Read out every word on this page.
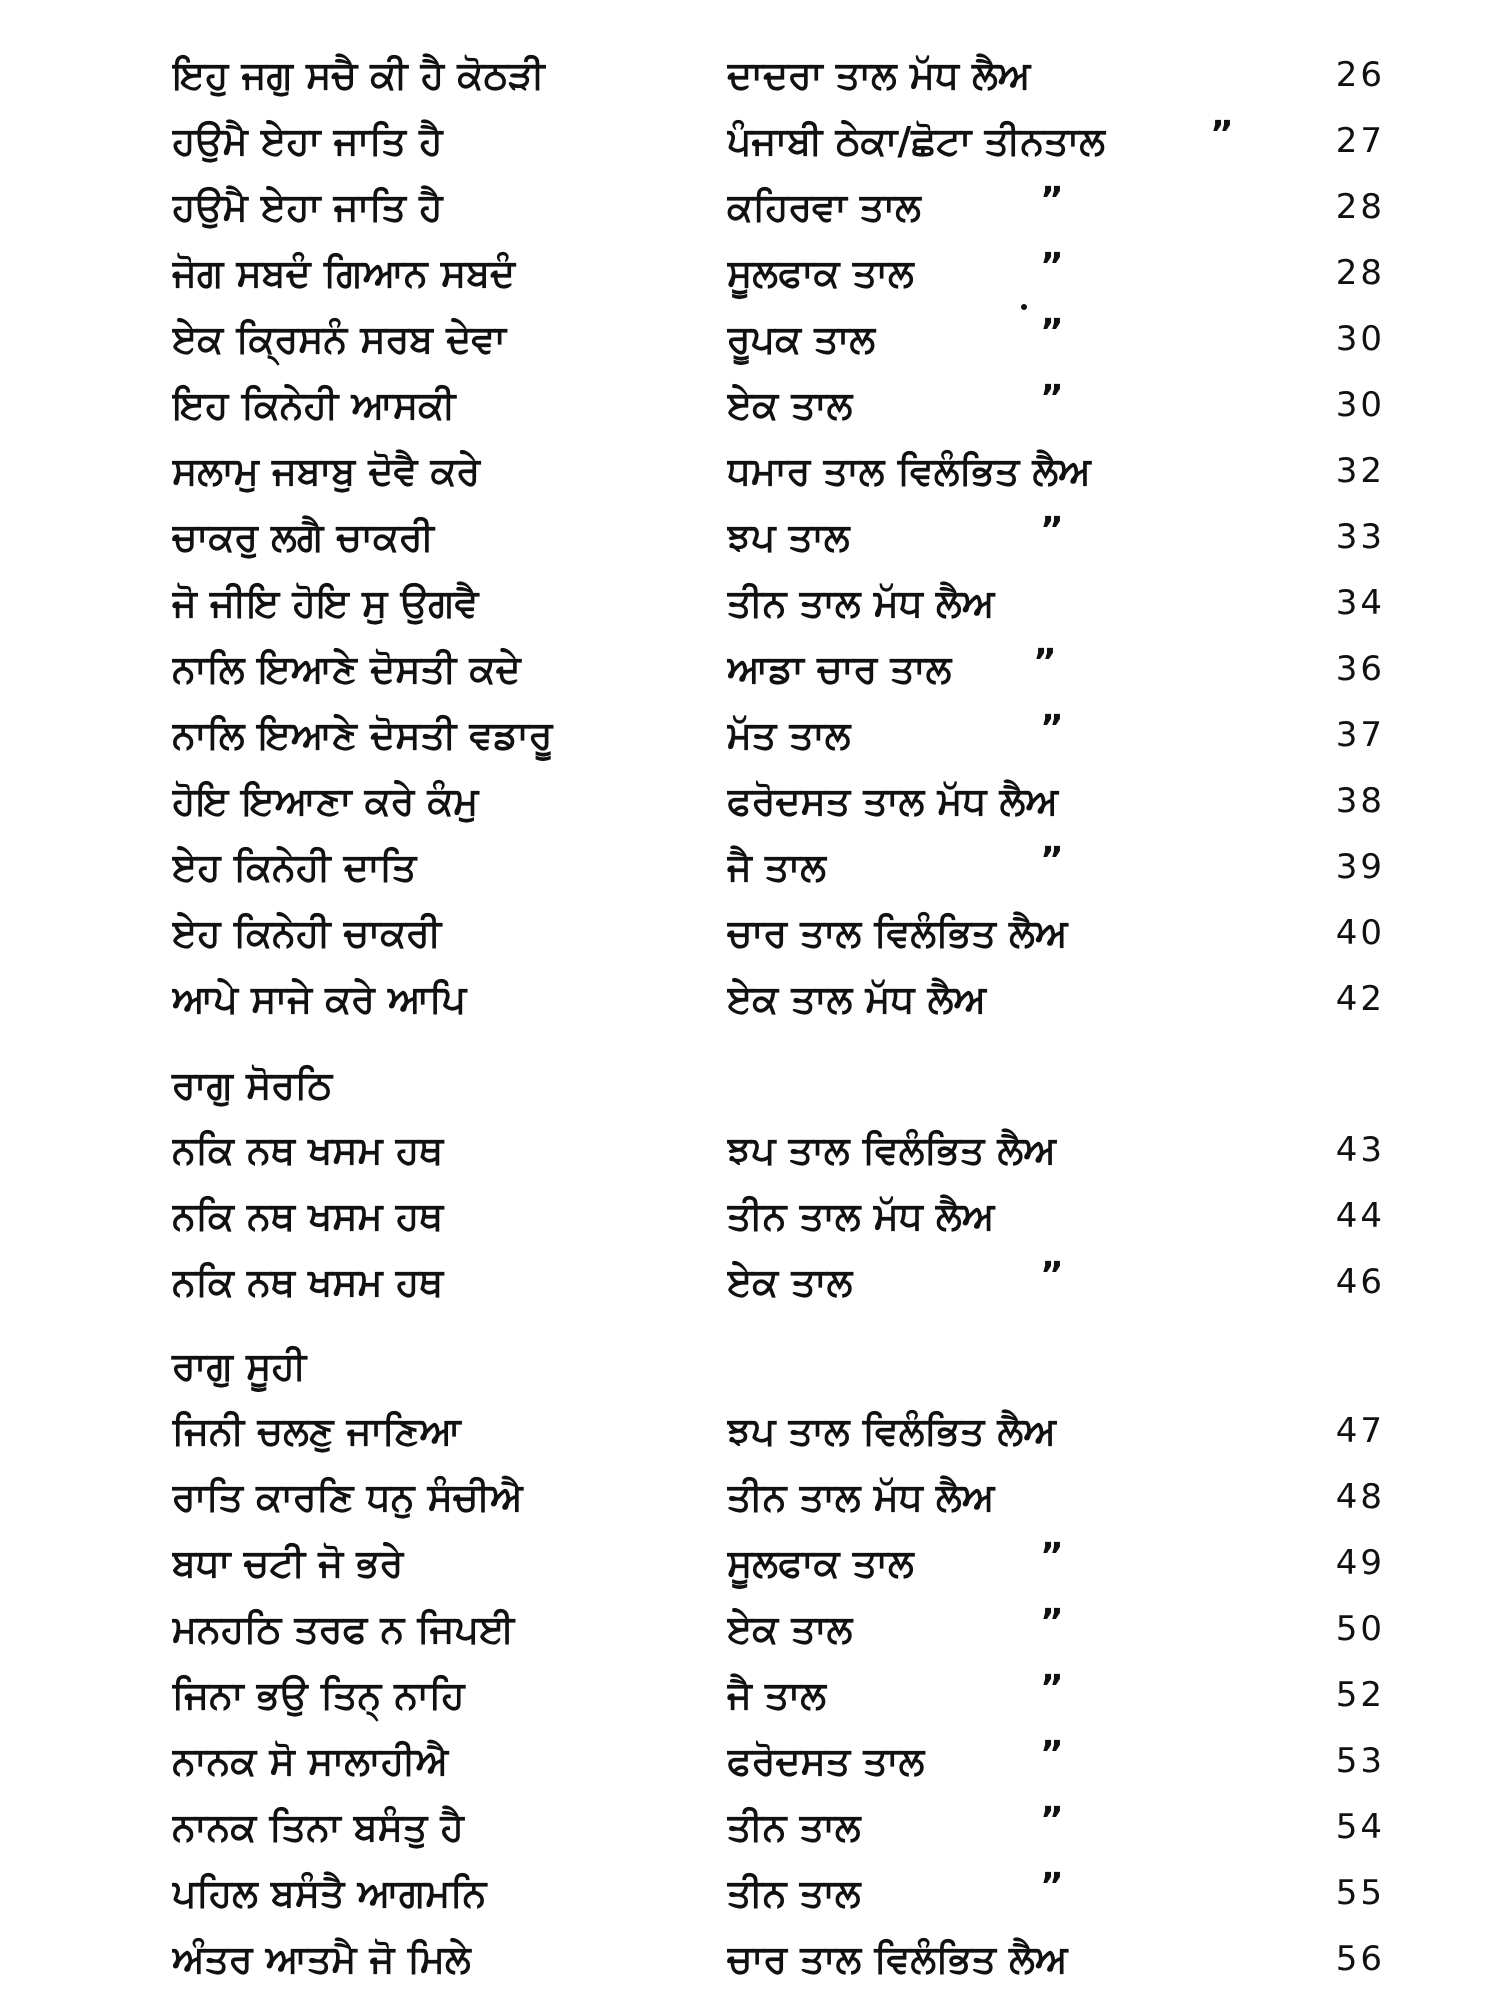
ਇਹੁ ਜਗੁ ਸਚੈ ਕੀ ਹੈ ਕੋਠੜੀ	ਦਾਦਰਾ ਤਾਲ ਮੱਧ ਲੈਅ	26
ਹਉਮੈ ਏਹਾ ਜਾਤਿ ਹੈ	ਪੰਜਾਬੀ ਠੇਕਾ/ਛੋਟਾ ਤੀਨਤਾਲ	”	27
ਹਉਮੈ ਏਹਾ ਜਾਤਿ ਹੈ	ਕਹਿਰਵਾ ਤਾਲ	”	28
ਜੋਗ ਸਬਦੰ ਗਿਆਨ ਸਬਦੰ	ਸੂਲਫਾਕ ਤਾਲ	”	28
ਏਕ ਕ੍ਰਿਸਨੰ ਸਰਬ ਦੇਵਾ	ਰੂਪਕ ਤਾਲ	”	30
ਇਹ ਕਿਨੇਹੀ ਆਸਕੀ	ਏਕ ਤਾਲ	”	30
ਸਲਾਮੁ ਜਬਾਬੁ ਦੋਵੈ ਕਰੇ	ਧਮਾਰ ਤਾਲ ਵਿਲੰਭਿਤ ਲੈਅ	32
ਚਾਕਰੁ ਲਗੈ ਚਾਕਰੀ	ਝਪ ਤਾਲ	”	33
ਜੋ ਜੀਇ ਹੋਇ ਸੁ ਉਗਵੈ	ਤੀਨ ਤਾਲ ਮੱਧ ਲੈਅ	34
ਨਾਲਿ ਇਆਣੇ ਦੋਸਤੀ ਕਦੇ	ਆਡਾ ਚਾਰ ਤਾਲ	”	36
ਨਾਲਿ ਇਆਣੇ ਦੋਸਤੀ ਵਡਾਰੂ	ਮੱਤ ਤਾਲ	”	37
ਹੋਇ ਇਆਣਾ ਕਰੇ ਕੰਮੁ	ਫਰੋਦਸਤ ਤਾਲ ਮੱਧ ਲੈਅ	38
ਏਹ ਕਿਨੇਹੀ ਦਾਤਿ	ਜੈ ਤਾਲ	”	39
ਏਹ ਕਿਨੇਹੀ ਚਾਕਰੀ	ਚਾਰ ਤਾਲ ਵਿਲੰਭਿਤ ਲੈਅ	40
ਆਪੇ ਸਾਜੇ ਕਰੇ ਆਪਿ	ਏਕ ਤਾਲ ਮੱਧ ਲੈਅ	42
ਰਾਗੁ ਸੋਰਠਿ
ਨਕਿ ਨਥ ਖਸਮ ਹਥ	ਝਪ ਤਾਲ ਵਿਲੰਭਿਤ ਲੈਅ	43
ਨਕਿ ਨਥ ਖਸਮ ਹਥ	ਤੀਨ ਤਾਲ ਮੱਧ ਲੈਅ	44
ਨਕਿ ਨਥ ਖਸਮ ਹਥ	ਏਕ ਤਾਲ	”	46
ਰਾਗੁ ਸੂਹੀ
ਜਿਨੀ ਚਲਣੁ ਜਾਣਿਆ	ਝਪ ਤਾਲ ਵਿਲੰਭਿਤ ਲੈਅ	47
ਰਾਤਿ ਕਾਰਣਿ ਧਨੁ ਸੰਚੀਐ	ਤੀਨ ਤਾਲ ਮੱਧ ਲੈਅ	48
ਬਧਾ ਚਟੀ ਜੋ ਭਰੇ	ਸੂਲਫਾਕ ਤਾਲ	”	49
ਮਨਹਠਿ ਤਰਫ ਨ ਜਿਪਈ	ਏਕ ਤਾਲ	”	50
ਜਿਨਾ ਭਉ ਤਿਨ੍ ਨਾਹਿ	ਜੈ ਤਾਲ	”	52
ਨਾਨਕ ਸੋ ਸਾਲਾਹੀਐ	ਫਰੋਦਸਤ ਤਾਲ	”	53
ਨਾਨਕ ਤਿਨਾ ਬਸੰਤੁ ਹੈ	ਤੀਨ ਤਾਲ	”	54
ਪਹਿਲ ਬਸੰਤੈ ਆਗਮਨਿ	ਤੀਨ ਤਾਲ	”	55
ਅੰਤਰ ਆਤਮੈ ਜੋ ਮਿਲੇ	ਚਾਰ ਤਾਲ ਵਿਲੰਭਿਤ ਲੈਅ	56
